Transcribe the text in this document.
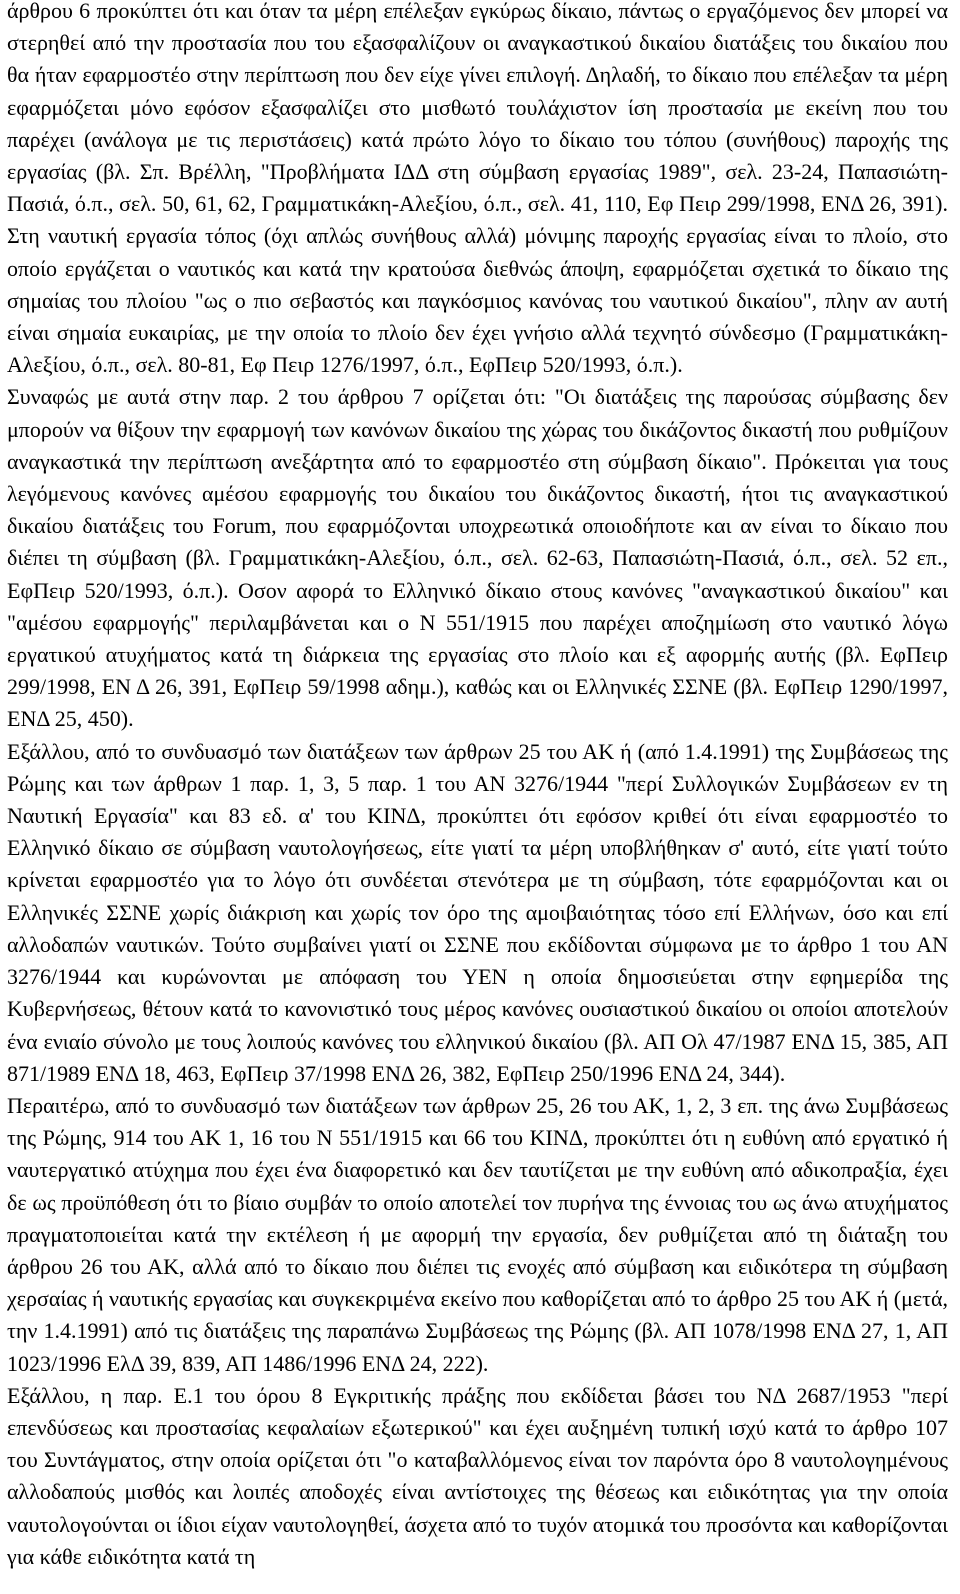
άρθρου 6 προκύπτει ότι και όταν τα μέρη επέλεξαν εγκύρως δίκαιο, πάντως ο εργαζόμενος δεν μπορεί να στερηθεί από την προστασία που του εξασφαλίζουν οι αναγκαστικού δικαίου διατάξεις του δικαίου που θα ήταν εφαρμοστέο στην περίπτωση που δεν είχε γίνει επιλογή. Δηλαδή, το δίκαιο που επέλεξαν τα μέρη εφαρμόζεται μόνο εφόσον εξασφαλίζει στο μισθωτό τουλάχιστον ίση προστασία με εκείνη που του παρέχει (ανάλογα με τις περιστάσεις) κατά πρώτο λόγο το δίκαιο του τόπου (συνήθους) παροχής της εργασίας (βλ. Σπ. Βρέλλη, "Προβλήματα ΙΔΔ στη σύμβαση εργασίας 1989", σελ. 23-24, Παπασιώτη-Πασιά, ό.π., σελ. 50, 61, 62, Γραμματικάκη-Αλεξίου, ό.π., σελ. 41, 110, Εφ Πειρ 299/1998, ΕΝΔ 26, 391). Στη ναυτική εργασία τόπος (όχι απλώς συνήθους αλλά) μόνιμης παροχής εργασίας είναι το πλοίο, στο οποίο εργάζεται ο ναυτικός και κατά την κρατούσα διεθνώς άποψη, εφαρμόζεται σχετικά το δίκαιο της σημαίας του πλοίου "ως ο πιο σεβαστός και παγκόσμιος κανόνας του ναυτικού δικαίου", πλην αν αυτή είναι σημαία ευκαιρίας, με την οποία το πλοίο δεν έχει γνήσιο αλλά τεχνητό σύνδεσμο (Γραμματικάκη-Αλεξίου, ό.π., σελ. 80-81, Εφ Πειρ 1276/1997, ό.π., ΕφΠειρ 520/1993, ό.π.).

Συναφώς με αυτά στην παρ. 2 του άρθρου 7 ορίζεται ότι: "Οι διατάξεις της παρούσας σύμβασης δεν μπορούν να θίξουν την εφαρμογή των κανόνων δικαίου της χώρας του δικάζοντος δικαστή που ρυθμίζουν αναγκαστικά την περίπτωση ανεξάρτητα από το εφαρμοστέο στη σύμβαση δίκαιο". Πρόκειται για τους λεγόμενους κανόνες αμέσου εφαρμογής του δικαίου του δικάζοντος δικαστή, ήτοι τις αναγκαστικού δικαίου διατάξεις του Forum, που εφαρμόζονται υποχρεωτικά οποιοδήποτε και αν είναι το δίκαιο που διέπει τη σύμβαση (βλ. Γραμματικάκη-Αλεξίου, ό.π., σελ. 62-63, Παπασιώτη-Πασιά, ό.π., σελ. 52 επ., ΕφΠειρ 520/1993, ό.π.). Οσον αφορά το Ελληνικό δίκαιο στους κανόνες "αναγκαστικού δικαίου" και "αμέσου εφαρμογής" περιλαμβάνεται και ο Ν 551/1915 που παρέχει αποζημίωση στο ναυτικό λόγω εργατικού ατυχήματος κατά τη διάρκεια της εργασίας στο πλοίο και εξ αφορμής αυτής (βλ. ΕφΠειρ 299/1998, ΕΝ Δ 26, 391, ΕφΠειρ 59/1998 αδημ.), καθώς και οι Ελληνικές ΣΣΝΕ (βλ. ΕφΠειρ 1290/1997, ΕΝΔ 25, 450).

Εξάλλου, από το συνδυασμό των διατάξεων των άρθρων 25 του ΑΚ ή (από 1.4.1991) της Συμβάσεως της Ρώμης και των άρθρων 1 παρ. 1, 3, 5 παρ. 1 του ΑΝ 3276/1944 "περί Συλλογικών Συμβάσεων εν τη Ναυτική Εργασία" και 83 εδ. α' του ΚΙΝΔ, προκύπτει ότι εφόσον κριθεί ότι είναι εφαρμοστέο το Ελληνικό δίκαιο σε σύμβαση ναυτολογήσεως, είτε γιατί τα μέρη υποβλήθηκαν σ' αυτό, είτε γιατί τούτο κρίνεται εφαρμοστέο για το λόγο ότι συνδέεται στενότερα με τη σύμβαση, τότε εφαρμόζονται και οι Ελληνικές ΣΣΝΕ χωρίς διάκριση και χωρίς τον όρο της αμοιβαιότητας τόσο επί Ελλήνων, όσο και επί αλλοδαπών ναυτικών. Τούτο συμβαίνει γιατί οι ΣΣΝΕ που εκδίδονται σύμφωνα με το άρθρο 1 του ΑΝ 3276/1944 και κυρώνονται με απόφαση του ΥΕΝ η οποία δημοσιεύεται στην εφημερίδα της Κυβερνήσεως, θέτουν κατά το κανονιστικό τους μέρος κανόνες ουσιαστικού δικαίου οι οποίοι αποτελούν ένα ενιαίο σύνολο με τους λοιπούς κανόνες του ελληνικού δικαίου (βλ. ΑΠ Ολ 47/1987 ΕΝΔ 15, 385, ΑΠ 871/1989 ΕΝΔ 18, 463, ΕφΠειρ 37/1998 ΕΝΔ 26, 382, ΕφΠειρ 250/1996 ΕΝΔ 24, 344).

Περαιτέρω, από το συνδυασμό των διατάξεων των άρθρων 25, 26 του ΑΚ, 1, 2, 3 επ. της άνω Συμβάσεως της Ρώμης, 914 του ΑΚ 1, 16 του Ν 551/1915 και 66 του ΚΙΝΔ, προκύπτει ότι η ευθύνη από εργατικό ή ναυτεργατικό ατύχημα που έχει ένα διαφορετικό και δεν ταυτίζεται με την ευθύνη από αδικοπραξία, έχει δε ως προϋπόθεση ότι το βίαιο συμβάν το οποίο αποτελεί τον πυρήνα της έννοιας του ως άνω ατυχήματος πραγματοποιείται κατά την εκτέλεση ή με αφορμή την εργασία, δεν ρυθμίζεται από τη διάταξη του άρθρου 26 του ΑΚ, αλλά από το δίκαιο που διέπει τις ενοχές από σύμβαση και ειδικότερα τη σύμβαση χερσαίας ή ναυτικής εργασίας και συγκεκριμένα εκείνο που καθορίζεται από το άρθρο 25 του ΑΚ ή (μετά, την 1.4.1991) από τις διατάξεις της παραπάνω Συμβάσεως της Ρώμης (βλ. ΑΠ 1078/1998 ΕΝΔ 27, 1, ΑΠ 1023/1996 ΕλΔ 39, 839, ΑΠ 1486/1996 ΕΝΔ 24, 222).

Εξάλλου, η παρ. Ε.1 του όρου 8 Εγκριτικής πράξης που εκδίδεται βάσει του ΝΔ 2687/1953 "περί επενδύσεως και προστασίας κεφαλαίων εξωτερικού" και έχει αυξημένη τυπική ισχύ κατά το άρθρο 107 του Συντάγματος, στην οποία ορίζεται ότι "ο καταβαλλόμενος είναι τον παρόντα όρο 8 ναυτολογημένους αλλοδαπούς μισθός και λοιπές αποδοχές είναι αντίστοιχες της θέσεως και ειδικότητας για την οποία ναυτολογούνται οι ίδιοι είχαν ναυτολογηθεί, άσχετα από το τυχόν ατομικά του προσόντα και καθορίζονται για κάθε ειδικότητα κατά τη
